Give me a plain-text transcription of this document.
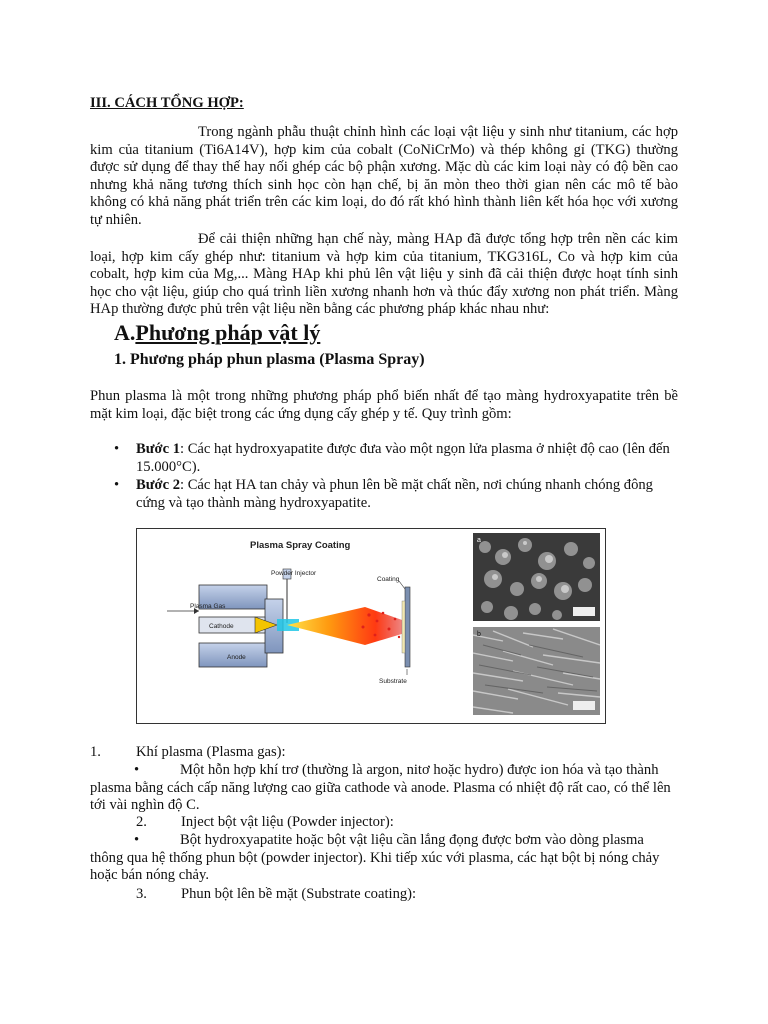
III. CÁCH TỔNG HỢP:
Trong ngành phẫu thuật chỉnh hình các loại vật liệu y sinh như titanium, các hợp kim của titanium (Ti6A14V), hợp kim của cobalt (CoNiCrMo) và thép không gỉ (TKG) thường được sử dụng để thay thế hay nối ghép các bộ phận xương. Mặc dù các kim loại này có độ bền cao nhưng khả năng tương thích sinh học còn hạn chế, bị ăn mòn theo thời gian nên các mô tế bào không có khả năng phát triển trên các kim loại, do đó rất khó hình thành liên kết hóa học với xương tự nhiên.
Để cải thiện những hạn chế này, màng HAp đã được tổng hợp trên nền các kim loại, hợp kim cấy ghép như: titanium và hợp kim của titanium, TKG316L, Co và hợp kim của cobalt, hợp kim của Mg,... Màng HAp khi phủ lên vật liệu y sinh đã cải thiện được hoạt tính sinh học cho vật liệu, giúp cho quá trình liền xương nhanh hơn và thúc đẩy xương non phát triển. Màng HAp thường được phủ trên vật liệu nền bằng các phương pháp khác nhau như:
A.Phương pháp vật lý
1. Phương pháp phun plasma (Plasma Spray)
Phun plasma là một trong những phương pháp phổ biến nhất để tạo màng hydroxyapatite trên bề mặt kim loại, đặc biệt trong các ứng dụng cấy ghép y tế. Quy trình gồm:
• Bước 1: Các hạt hydroxyapatite được đưa vào một ngọn lửa plasma ở nhiệt độ cao (lên đến 15.000°C).
• Bước 2: Các hạt HA tan chảy và phun lên bề mặt chất nền, nơi chúng nhanh chóng đông cứng và tạo thành màng hydroxyapatite.
Plasma Spray Coating
Powder Injector
Coating
Plasma Gas
Cathode
Anode
Substrate
a
b
1. Khí plasma (Plasma gas):
•	Một hỗn hợp khí trơ (thường là argon, nitơ hoặc hydro) được ion hóa và tạo thành plasma bằng cách cấp năng lượng cao giữa cathode và anode. Plasma có nhiệt độ rất cao, có thể lên tới vài nghìn độ C.
2. Inject bột vật liệu (Powder injector):
•	Bột hydroxyapatite hoặc bột vật liệu cần lắng đọng được bơm vào dòng plasma thông qua hệ thống phun bột (powder injector). Khi tiếp xúc với plasma, các hạt bột bị nóng chảy hoặc bán nóng chảy.
3. Phun bột lên bề mặt (Substrate coating):
